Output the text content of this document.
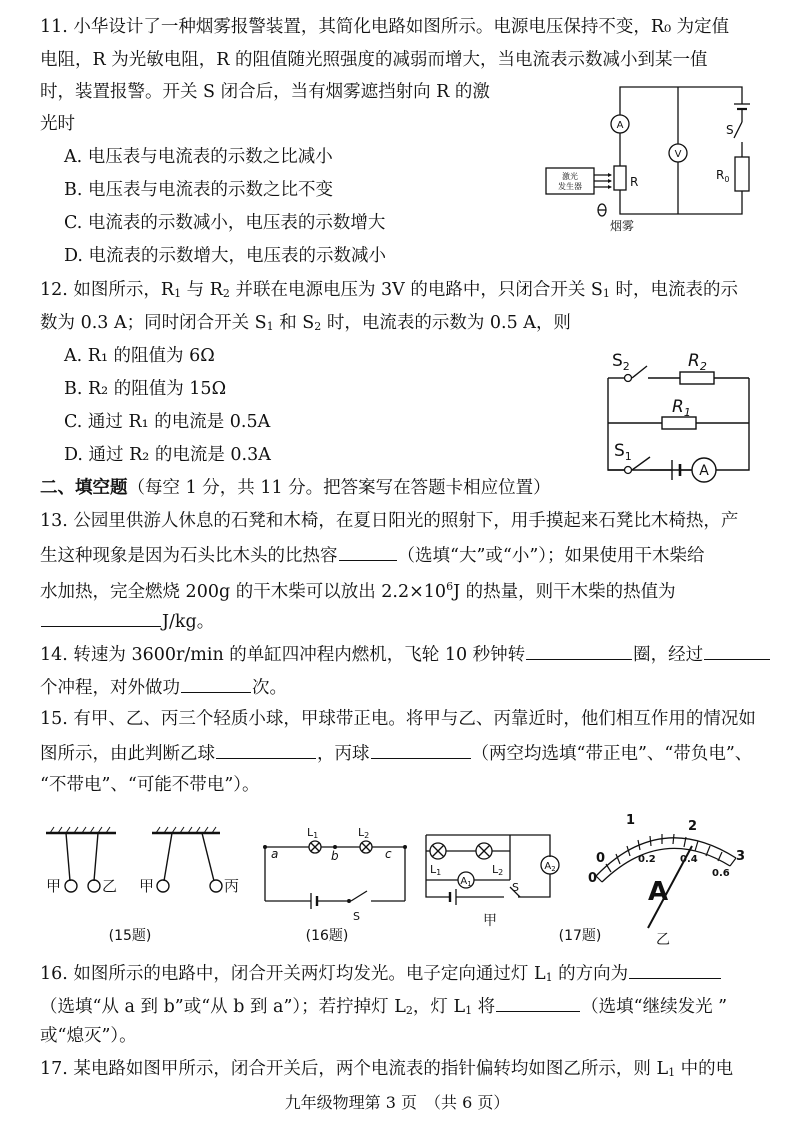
11. 小华设计了一种烟雾报警装置，其简化电路如图所示。电源电压保持不变，R₀ 为定值
电阻，R 为光敏电阻，R 的阻值随光照强度的减弱而增大，当电流表示数减小到某一值
时，装置报警。开关 S 闭合后，当有烟雾遮挡射向 R 的激
光时
A. 电压表与电流表的示数之比减小
B. 电压表与电流表的示数之比不变
C. 电流表的示数减小，电压表的示数增大
D. 电流表的示数增大，电压表的示数减小
A
V
R	$R_0$
S
激光
发生器
烟雾
12. 如图所示，$R_1$ 与 $R_2$ 并联在电源电压为 3V 的电路中，只闭合开关 $S_1$ 时，电流表的示
数为 0.3 A；同时闭合开关 $S_1$ 和 $S_2$ 时，电流表的示数为 0.5 A，则
A. R₁ 的阻值为 6Ω
B. R₂ 的阻值为 15Ω
C. 通过 R₁ 的电流是 0.5A
D. 通过 R₂ 的电流是 0.3A
A
$S_2$	$R_2$
$R_1$
$S_1$
二、填空题（每空 1 分，共 11 分。把答案写在答题卡相应位置）
13. 公园里供游人休息的石凳和木椅，在夏日阳光的照射下，用手摸起来石凳比木椅热，产
生这种现象是因为石头比木头的比热容	（选填“大”或“小”）；如果使用干木柴给
水加热，完全燃烧 200g 的干木柴可以放出 $2.2\times 10^6J$ 的热量，则干木柴的热值为
J/kg。
14. 转速为 3600r/min 的单缸四冲程内燃机，飞轮 10 秒钟转	圈，经过
个冲程，对外做功	次。
15. 有甲、乙、丙三个轻质小球，甲球带正电。将甲与乙、丙靠近时，他们相互作用的情况如
图所示，由此判断乙球	，丙球	（两空均选填“带正电”、“带负电”、
“不带电”、“可能不带电”）。
甲	乙 甲	丙
(15题)
L1	L2
a	b	c
S
(16题)
$A_2$
$A_1$
L1	L2
S
甲
(17题)
0
1	2
3
0	0.2 0.4
0.6
A
乙
16. 如图所示的电路中，闭合开关两灯均发光。电子定向通过灯 $L_1$ 的方向为
（选填“从 a 到 b”或“从 b 到 a”）；若拧掉灯 $L_2$，灯 $L_1$ 将	（选填“继续发光 ”
或“熄灭”）。
17. 某电路如图甲所示，闭合开关后，两个电流表的指针偏转均如图乙所示，则 $L_1$ 中的电
九年级物理第 3 页　（共 6 页）
